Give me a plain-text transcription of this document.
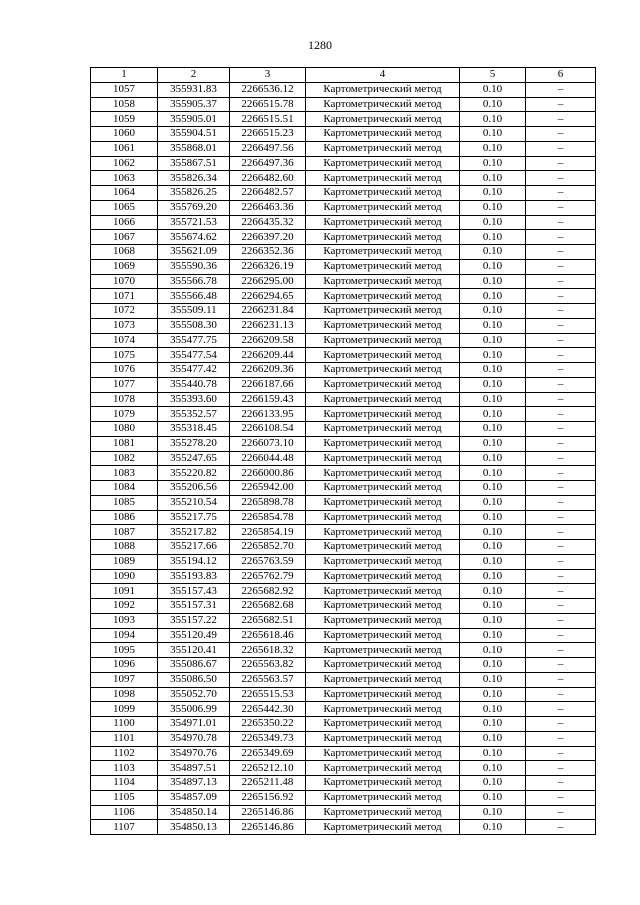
1280
1	2	3	4	5	6
1057	355931.83	2266536.12	Картометрический метод	0.10	–
1058	355905.37	2266515.78	Картометрический метод	0.10	–
1059	355905.01	2266515.51	Картометрический метод	0.10	–
1060	355904.51	2266515.23	Картометрический метод	0.10	–
1061	355868.01	2266497.56	Картометрический метод	0.10	–
1062	355867.51	2266497.36	Картометрический метод	0.10	–
1063	355826.34	2266482.60	Картометрический метод	0.10	–
1064	355826.25	2266482.57	Картометрический метод	0.10	–
1065	355769.20	2266463.36	Картометрический метод	0.10	–
1066	355721.53	2266435.32	Картометрический метод	0.10	–
1067	355674.62	2266397.20	Картометрический метод	0.10	–
1068	355621.09	2266352.36	Картометрический метод	0.10	–
1069	355590.36	2266326.19	Картометрический метод	0.10	–
1070	355566.78	2266295.00	Картометрический метод	0.10	–
1071	355566.48	2266294.65	Картометрический метод	0.10	–
1072	355509.11	2266231.84	Картометрический метод	0.10	–
1073	355508.30	2266231.13	Картометрический метод	0.10	–
1074	355477.75	2266209.58	Картометрический метод	0.10	–
1075	355477.54	2266209.44	Картометрический метод	0.10	–
1076	355477.42	2266209.36	Картометрический метод	0.10	–
1077	355440.78	2266187.66	Картометрический метод	0.10	–
1078	355393.60	2266159.43	Картометрический метод	0.10	–
1079	355352.57	2266133.95	Картометрический метод	0.10	–
1080	355318.45	2266108.54	Картометрический метод	0.10	–
1081	355278.20	2266073.10	Картометрический метод	0.10	–
1082	355247.65	2266044.48	Картометрический метод	0.10	–
1083	355220.82	2266000.86	Картометрический метод	0.10	–
1084	355206.56	2265942.00	Картометрический метод	0.10	–
1085	355210.54	2265898.78	Картометрический метод	0.10	–
1086	355217.75	2265854.78	Картометрический метод	0.10	–
1087	355217.82	2265854.19	Картометрический метод	0.10	–
1088	355217.66	2265852.70	Картометрический метод	0.10	–
1089	355194.12	2265763.59	Картометрический метод	0.10	–
1090	355193.83	2265762.79	Картометрический метод	0.10	–
1091	355157.43	2265682.92	Картометрический метод	0.10	–
1092	355157.31	2265682.68	Картометрический метод	0.10	–
1093	355157.22	2265682.51	Картометрический метод	0.10	–
1094	355120.49	2265618.46	Картометрический метод	0.10	–
1095	355120.41	2265618.32	Картометрический метод	0.10	–
1096	355086.67	2265563.82	Картометрический метод	0.10	–
1097	355086.50	2265563.57	Картометрический метод	0.10	–
1098	355052.70	2265515.53	Картометрический метод	0.10	–
1099	355006.99	2265442.30	Картометрический метод	0.10	–
1100	354971.01	2265350.22	Картометрический метод	0.10	–
1101	354970.78	2265349.73	Картометрический метод	0.10	–
1102	354970.76	2265349.69	Картометрический метод	0.10	–
1103	354897.51	2265212.10	Картометрический метод	0.10	–
1104	354897.13	2265211.48	Картометрический метод	0.10	–
1105	354857.09	2265156.92	Картометрический метод	0.10	–
1106	354850.14	2265146.86	Картометрический метод	0.10	–
1107	354850.13	2265146.86	Картометрический метод	0.10	–
